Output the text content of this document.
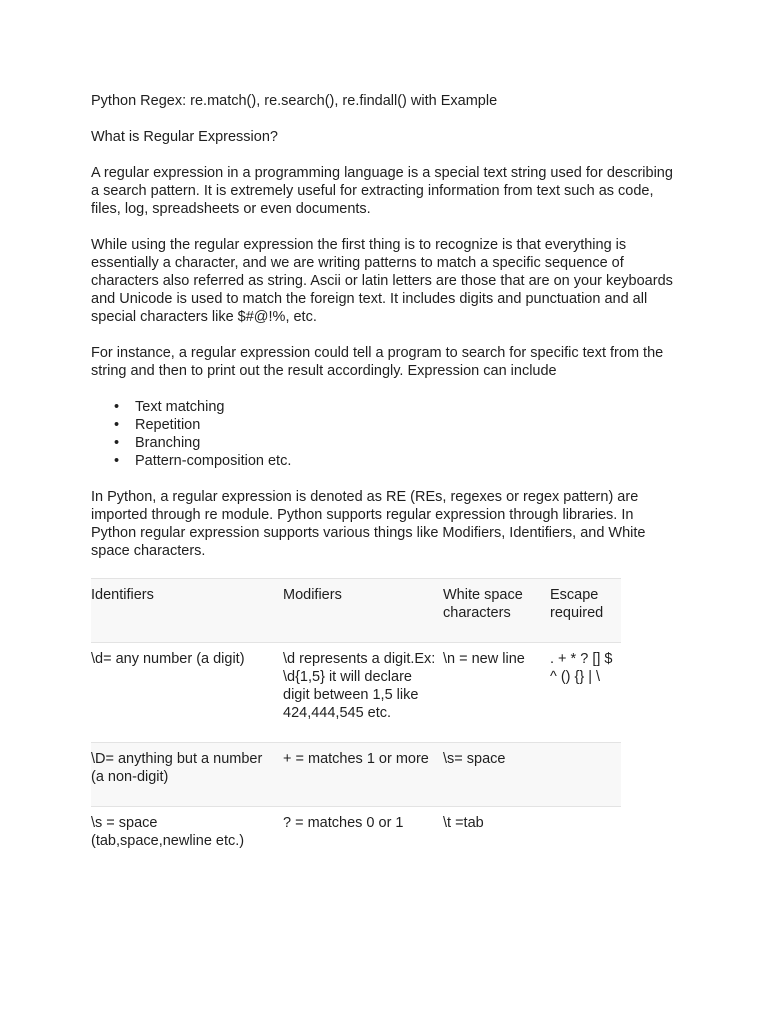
Python Regex: re.match(), re.search(), re.findall() with Example

What is Regular Expression?

A regular expression in a programming language is a special text string used for describing a search pattern. It is extremely useful for extracting information from text such as code, files, log, spreadsheets or even documents.

While using the regular expression the first thing is to recognize is that everything is essentially a character, and we are writing patterns to match a specific sequence of characters also referred as string. Ascii or latin letters are those that are on your keyboards and Unicode is used to match the foreign text. It includes digits and punctuation and all special characters like $#@!%, etc.

For instance, a regular expression could tell a program to search for specific text from the string and then to print out the result accordingly. Expression can include

• Text matching
• Repetition
• Branching
• Pattern-composition etc.

In Python, a regular expression is denoted as RE (REs, regexes or regex pattern) are imported through re module. Python supports regular expression through libraries. In Python regular expression supports various things like Modifiers, Identifiers, and White space characters.

Identifiers	Modifiers	White space characters	Escape required

\d= any number (a digit)	\d represents a digit.Ex: \d{1,5} it will declare digit between 1,5 like 424,444,545 etc.	\n = new line	. + * ? [] $ ^ () {} | \

\D= anything but a number (a non-digit)	+ = matches 1 or more	\s= space	

\s = space (tab,space,newline etc.)	? = matches 0 or 1	\t =tab	
